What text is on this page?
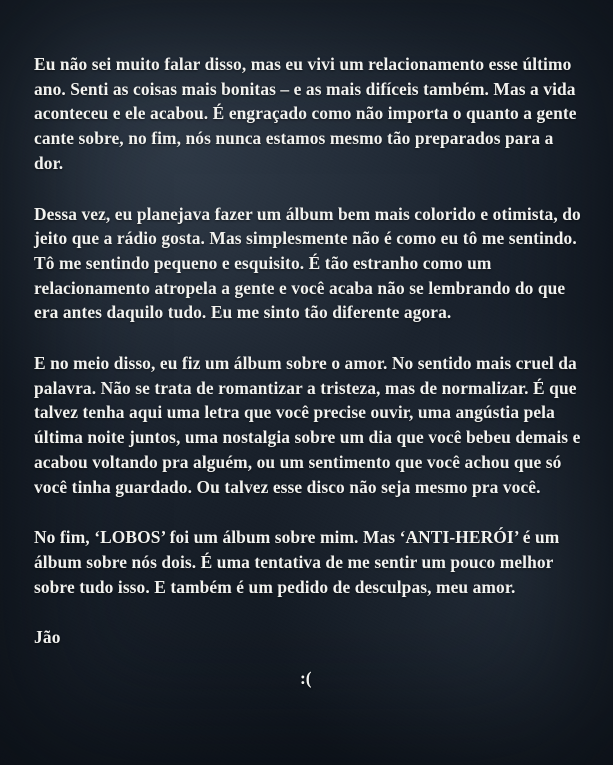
Eu não sei muito falar disso, mas eu vivi um relacionamento esse último ano. Senti as coisas mais bonitas – e as mais difíceis também. Mas a vida aconteceu e ele acabou. É engraçado como não importa o quanto a gente cante sobre, no fim, nós nunca estamos mesmo tão preparados para a dor.

Dessa vez, eu planejava fazer um álbum bem mais colorido e otimista, do jeito que a rádio gosta. Mas simplesmente não é como eu tô me sentindo. Tô me sentindo pequeno e esquisito. É tão estranho como um relacionamento atropela a gente e você acaba não se lembrando do que era antes daquilo tudo. Eu me sinto tão diferente agora.

E no meio disso, eu fiz um álbum sobre o amor. No sentido mais cruel da palavra. Não se trata de romantizar a tristeza, mas de normalizar. É que talvez tenha aqui uma letra que você precise ouvir, uma angústia pela última noite juntos, uma nostalgia sobre um dia que você bebeu demais e acabou voltando pra alguém, ou um sentimento que você achou que só você tinha guardado. Ou talvez esse disco não seja mesmo pra você.

No fim, ‘LOBOS’ foi um álbum sobre mim. Mas ‘ANTI-HERÓI’ é um álbum sobre nós dois. É uma tentativa de me sentir um pouco melhor sobre tudo isso. E também é um pedido de desculpas, meu amor.

Jão
:(
